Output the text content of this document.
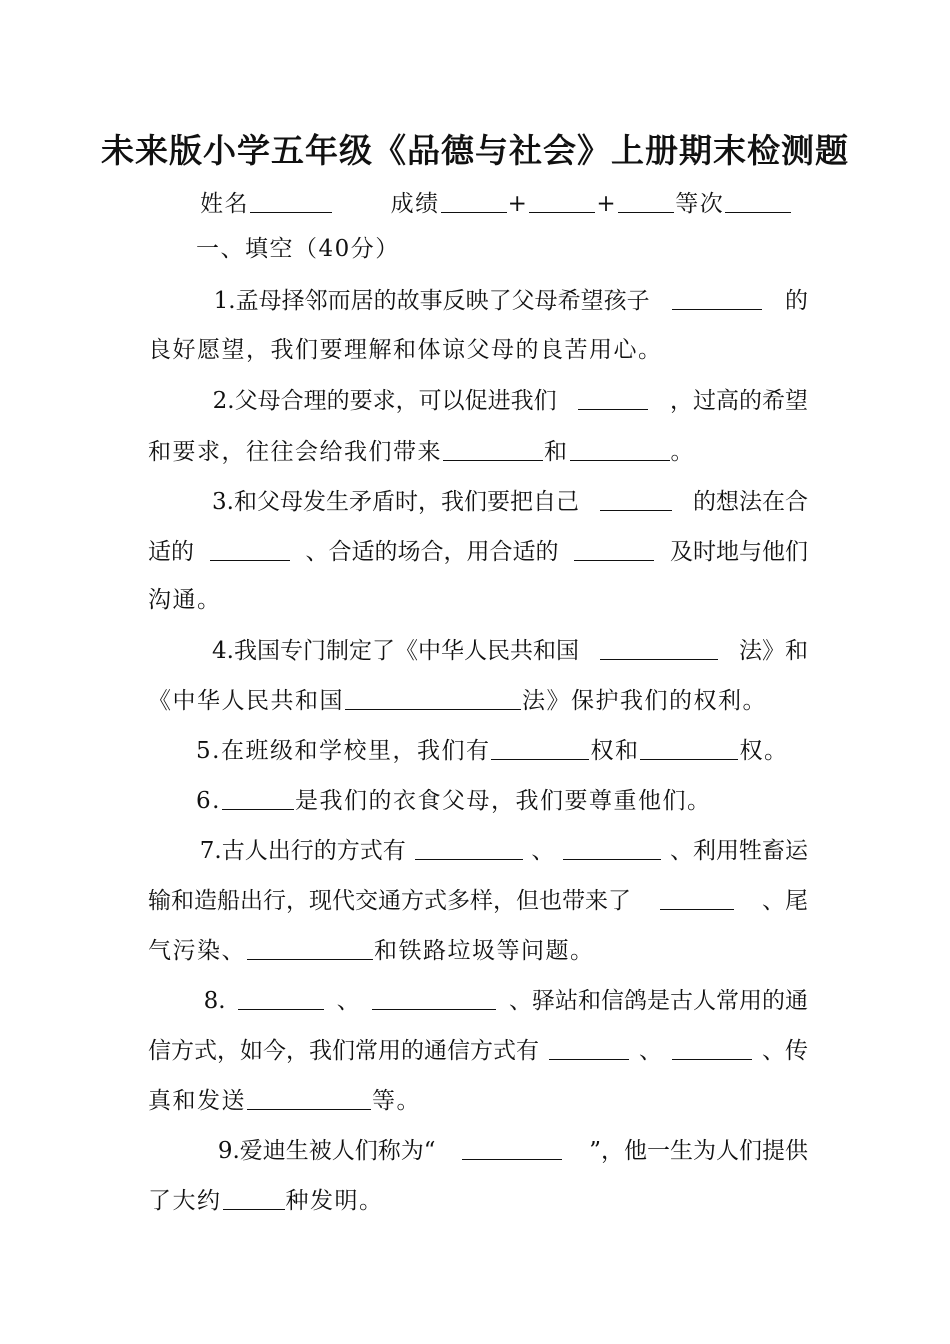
未来版小学五年级《品德与社会》上册期末检测题
姓名	成绩	+	+	等次
一、填空（40分）
1.孟母择邻而居的故事反映了父母希望孩子	的
良好愿望，我们要理解和体谅父母的良苦用心。
2.父母合理的要求，可以促进我们	，过高的希望
和要求，往往会给我们带来	和	。
3.和父母发生矛盾时，我们要把自己	的想法在合
适的	、合适的场合，用合适的	及时地与他们
沟通。
4.我国专门制定了《中华人民共和国	法》和
《中华人民共和国	法》保护我们的权利。
5.在班级和学校里，我们有	权和	权。
6.	是我们的衣食父母，我们要尊重他们。
7.古人出行的方式有	、	、利用牲畜运
输和造船出行，现代交通方式多样，但也带来了	、尾
气污染、	和铁路垃圾等问题。
8.	、	、驿站和信鸽是古人常用的通
信方式，如今，我们常用的通信方式有	、	、传
真和发送	等。
9.爱迪生被人们称为“	”，他一生为人们提供
了大约	种发明。
